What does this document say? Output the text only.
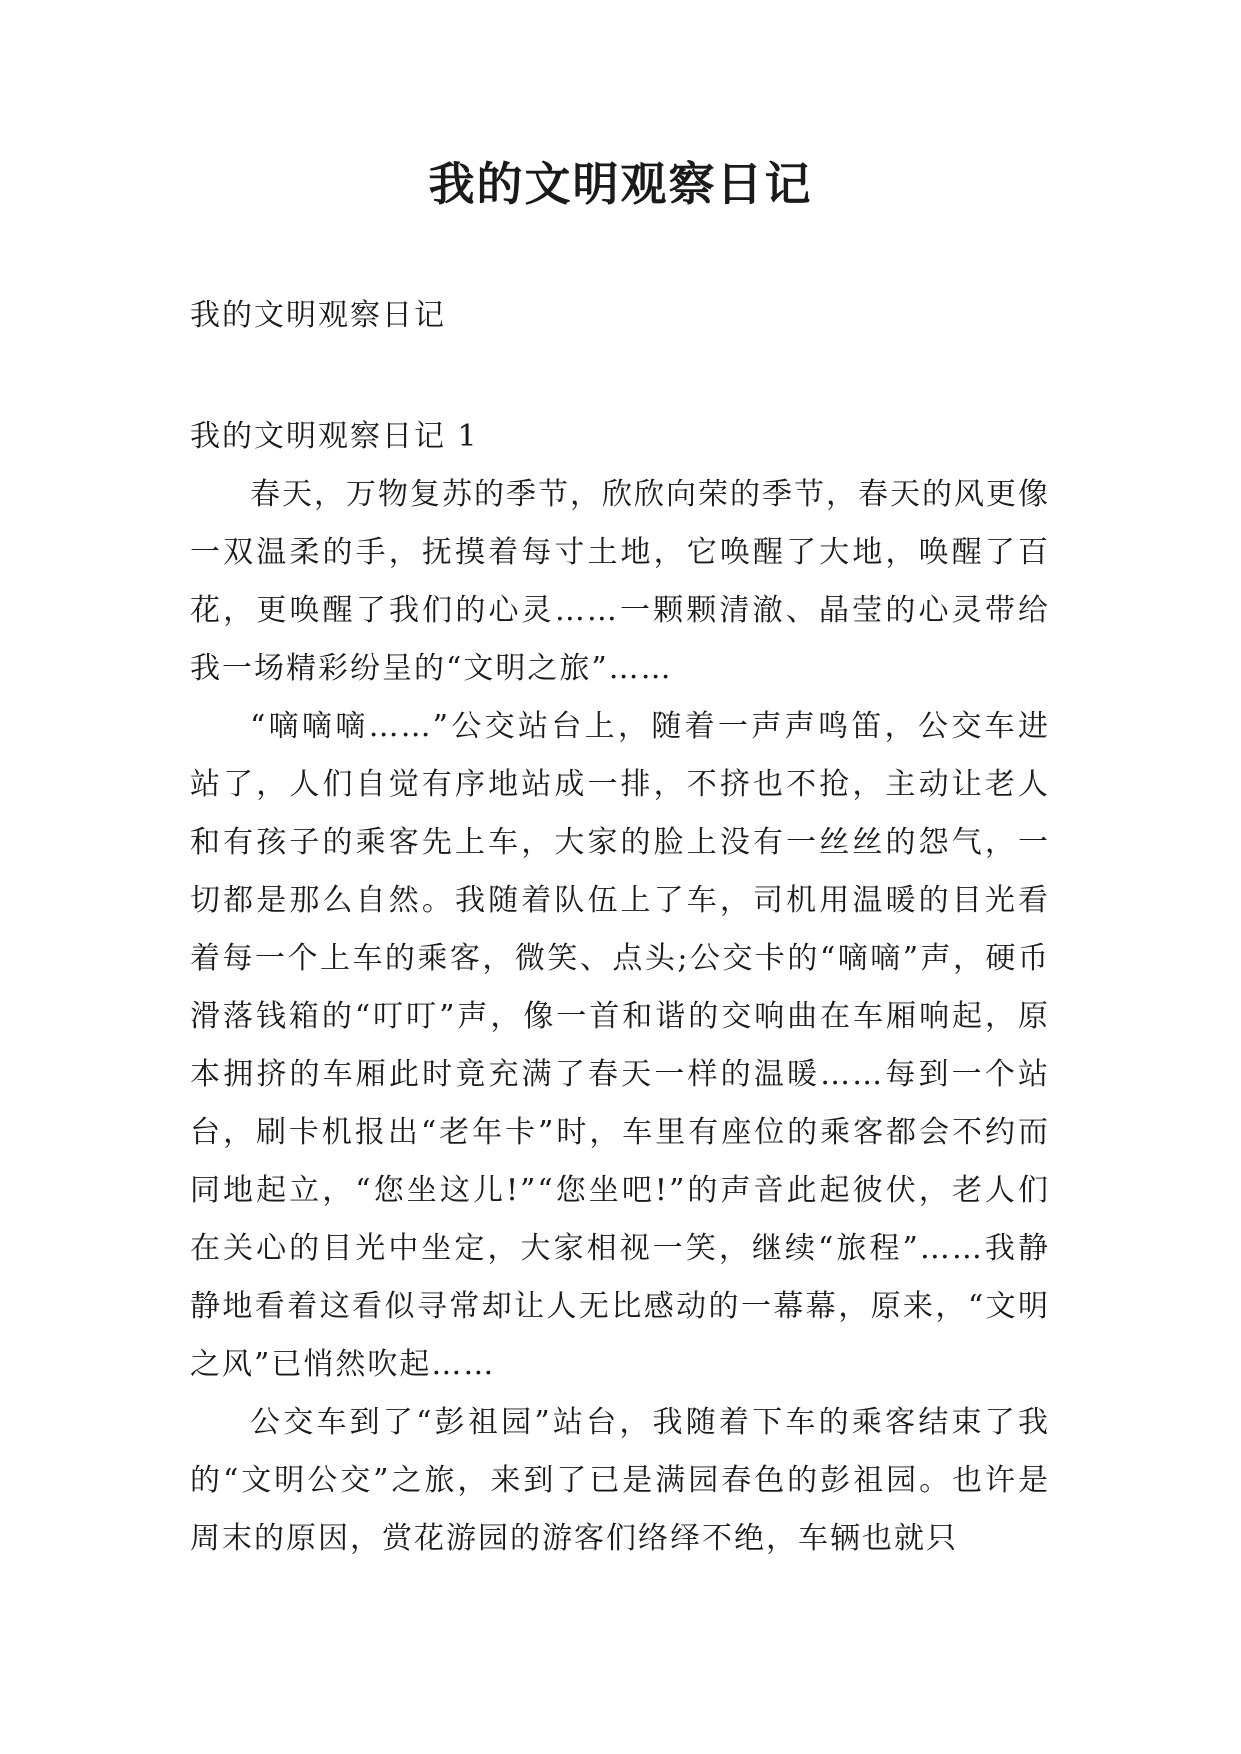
我的文明观察日记

我的文明观察日记

我的文明观察日记 1

春天，万物复苏的季节，欣欣向荣的季节，春天的风更像一双温柔的手，抚摸着每寸土地，它唤醒了大地，唤醒了百花，更唤醒了我们的心灵……一颗颗清澈、晶莹的心灵带给我一场精彩纷呈的“文明之旅”……

“嘀嘀嘀……”公交站台上，随着一声声鸣笛，公交车进站了，人们自觉有序地站成一排，不挤也不抢，主动让老人和有孩子的乘客先上车，大家的脸上没有一丝丝的怨气，一切都是那么自然。我随着队伍上了车，司机用温暖的目光看着每一个上车的乘客，微笑、点头;公交卡的“嘀嘀”声，硬币滑落钱箱的“叮叮”声，像一首和谐的交响曲在车厢响起，原本拥挤的车厢此时竟充满了春天一样的温暖……每到一个站台，刷卡机报出“老年卡”时，车里有座位的乘客都会不约而同地起立，“您坐这儿!”“您坐吧!”的声音此起彼伏，老人们在关心的目光中坐定，大家相视一笑，继续“旅程”……我静静地看着这看似寻常却让人无比感动的一幕幕，原来，“文明之风”已悄然吹起……

公交车到了“彭祖园”站台，我随着下车的乘客结束了我的“文明公交”之旅，来到了已是满园春色的彭祖园。也许是周末的原因，赏花游园的游客们络绎不绝，车辆也就只
